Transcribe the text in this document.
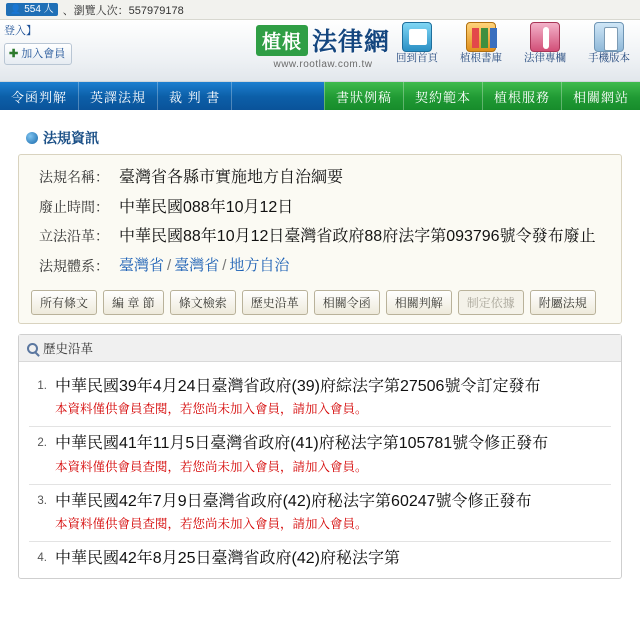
👤 554 人 、瀏覽人次：557979178
登入】
✚ 加入會員
植根 法律網
www.rootlaw.com.tw
回到首頁	植根書庫	法律專欄	手機版本
令函判解	英譯法規	裁 判 書	書狀例稿	契約範本	植根服務	相關網站
法規資訊
法規名稱：	臺灣省各縣市實施地方自治綱要
廢止時間：	中華民國088年10月12日
立法沿革：	中華民國88年10月12日臺灣省政府88府法字第093796號令發布廢止
法規體系：	臺灣省 / 臺灣省 / 地方自治
所有條文	編 章 節	條文檢索	歷史沿革	相關令函	相關判解	制定依據	附屬法規
歷史沿革
1. 中華民國39年4月24日臺灣省政府(39)府綜法字第27506號令訂定發布
本資料僅供會員查閱，若您尚未加入會員，請加入會員。
2. 中華民國41年11月5日臺灣省政府(41)府秘法字第105781號令修正發布
本資料僅供會員查閱，若您尚未加入會員，請加入會員。
3. 中華民國42年7月9日臺灣省政府(42)府秘法字第60247號令修正發布
本資料僅供會員查閱，若您尚未加入會員，請加入會員。
4. 中華民國42年8月25日臺灣省政府(42)府秘法字第
